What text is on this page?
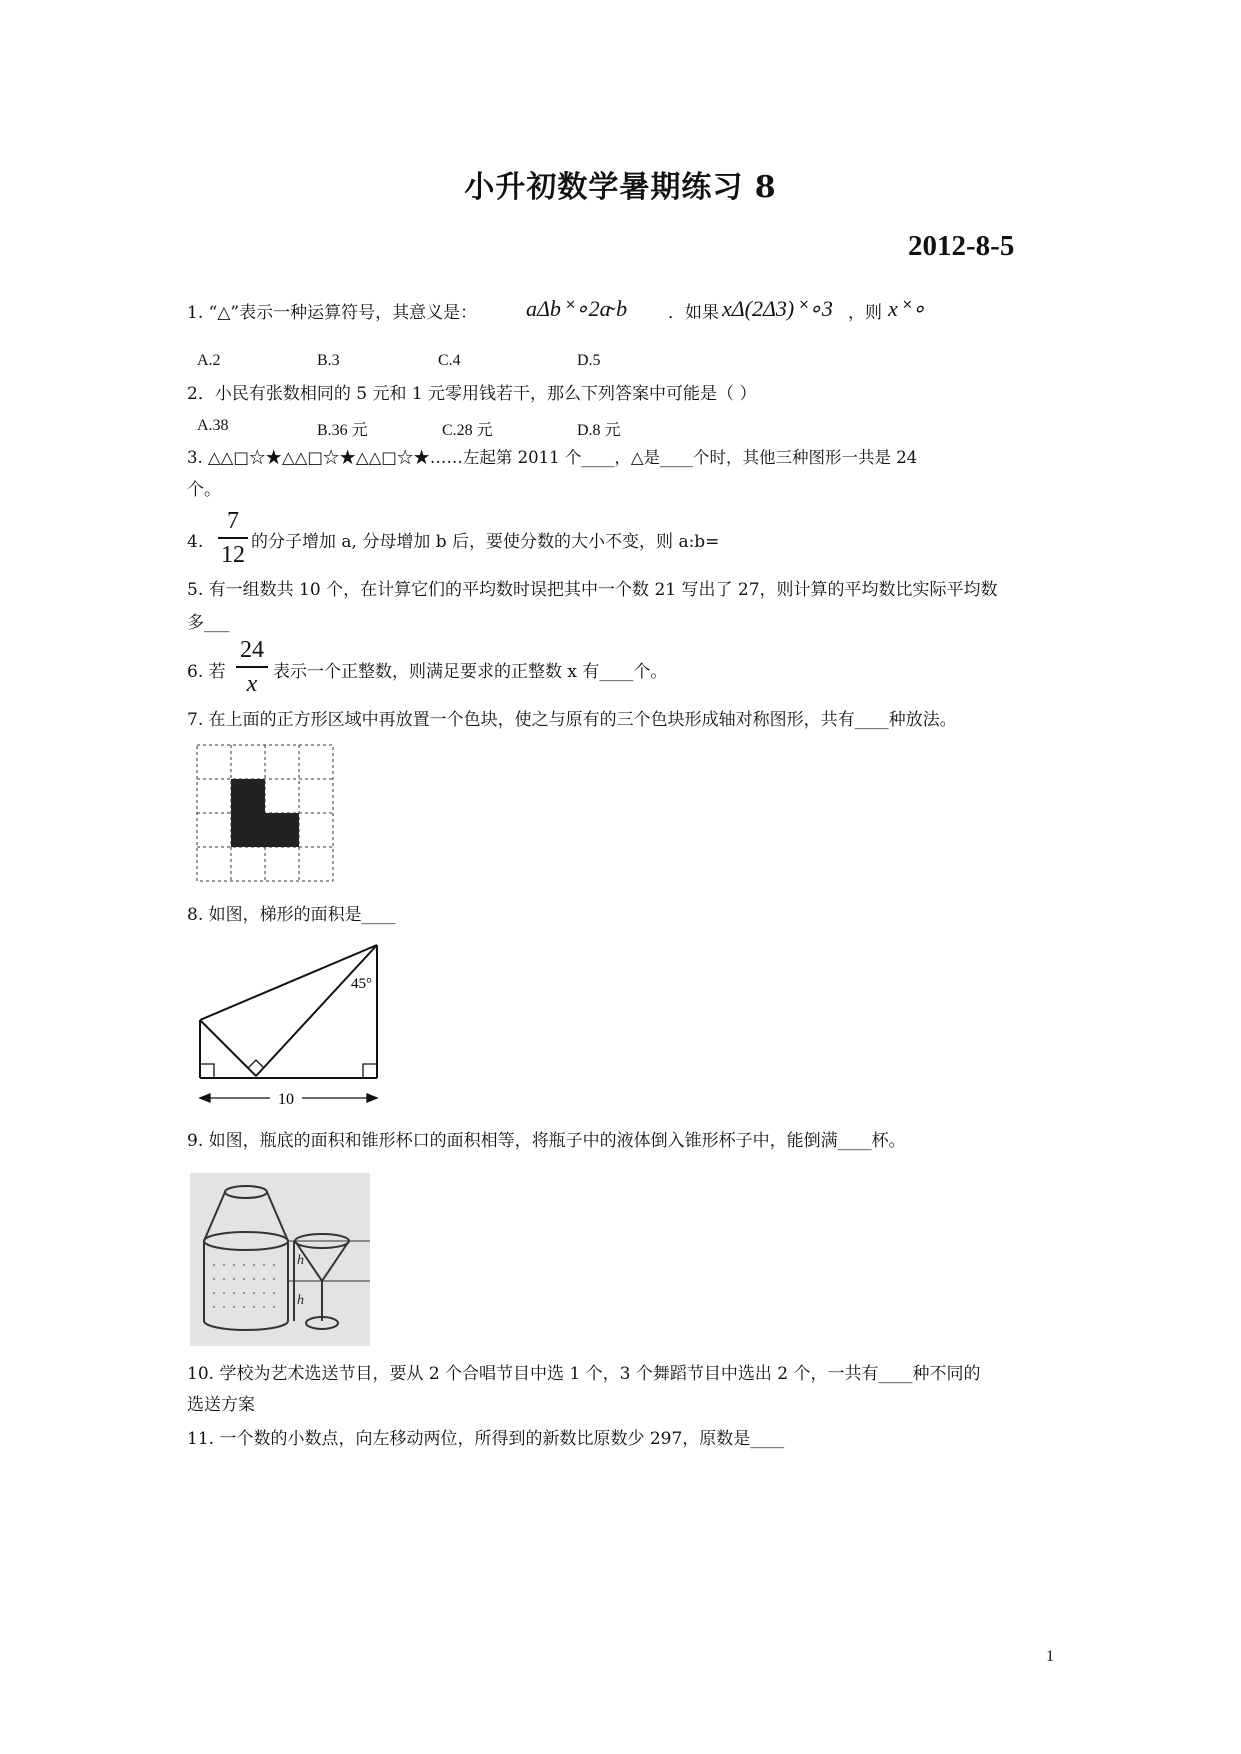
小升初数学暑期练习 8
2012-8-5
1. “△”表示一种运算符号，其意义是： aΔb ˟∘2a̴ b ．如果 xΔ(2Δ3) ˟∘3 ，则 x ˟∘
A.2	B.3	C.4	D.5
2．小民有张数相同的 5 元和 1 元零用钱若干，那么下列答案中可能是（ ）
A.38	B.36 元	C.28 元	D.8 元
3. △△□☆★△△□☆★△△□☆★……左起第 2011 个____，△是____个时，其他三种图形一共是 24
个。
4.
7
12 的分子增加 a, 分母增加 b 后，要使分数的大小不变，则 a:b=
5. 有一组数共 10 个，在计算它们的平均数时误把其中一个数 21 写出了 27，则计算的平均数比实际平均数
多___
6. 若
24
x 表示一个正整数，则满足要求的正整数 x 有____个。
7. 在上面的正方形区域中再放置一个色块，使之与原有的三个色块形成轴对称图形，共有____种放法。
8. 如图，梯形的面积是____
45°
10
9. 如图，瓶底的面积和锥形杯口的面积相等，将瓶子中的液体倒入锥形杯子中，能倒满____杯。
h
h
10. 学校为艺术选送节目，要从 2 个合唱节目中选 1 个，3 个舞蹈节目中选出 2 个，一共有____种不同的
选送方案
11. 一个数的小数点，向左移动两位，所得到的新数比原数少 297，原数是____
1
